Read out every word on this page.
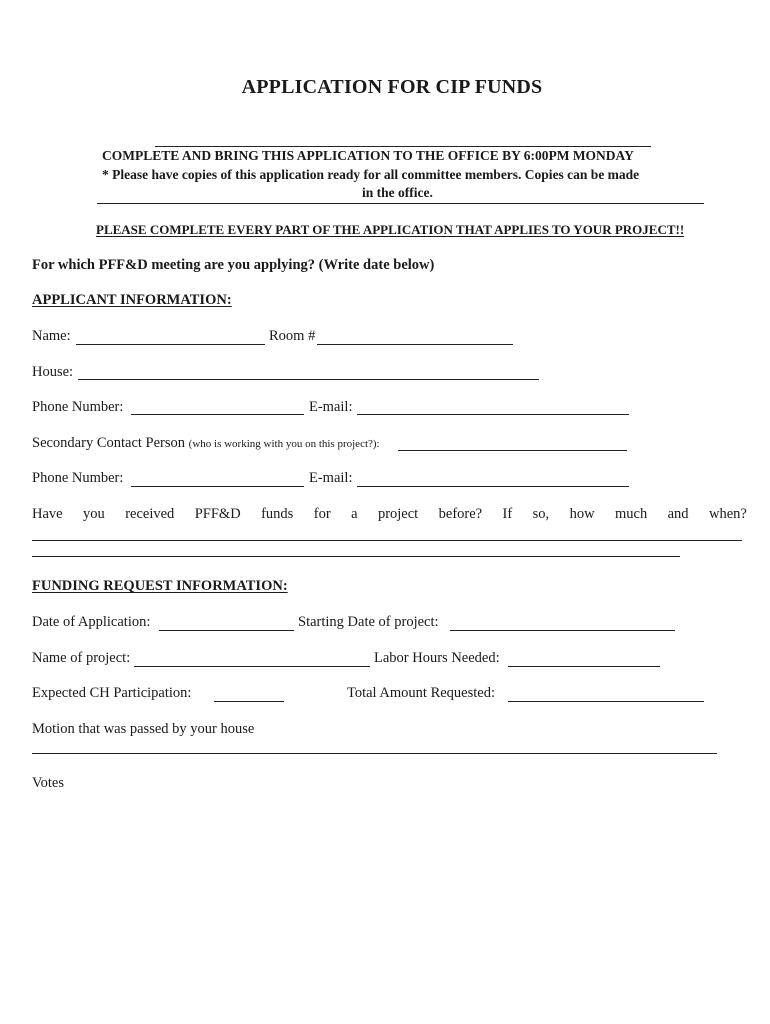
APPLICATION FOR CIP FUNDS
COMPLETE AND BRING THIS APPLICATION TO THE OFFICE BY 6:00PM MONDAY
* Please have copies of this application ready for all committee members. Copies can be made
in the office.
PLEASE COMPLETE EVERY PART OF THE APPLICATION THAT APPLIES TO YOUR PROJECT!!
For which PFF&D meeting are you applying? (Write date below)
APPLICANT INFORMATION:
Name:	Room #
House:
Phone Number:	E-mail:
Secondary Contact Person (who is working with you on this project?):
Phone Number:	E-mail:
Have you received PFF&D funds for a project before? If so, how much and when?
FUNDING REQUEST INFORMATION:
Date of Application:	Starting Date of project:
Name of project:	Labor Hours Needed:
Expected CH Participation:	Total Amount Requested:
Motion that was passed by your house
Votes
